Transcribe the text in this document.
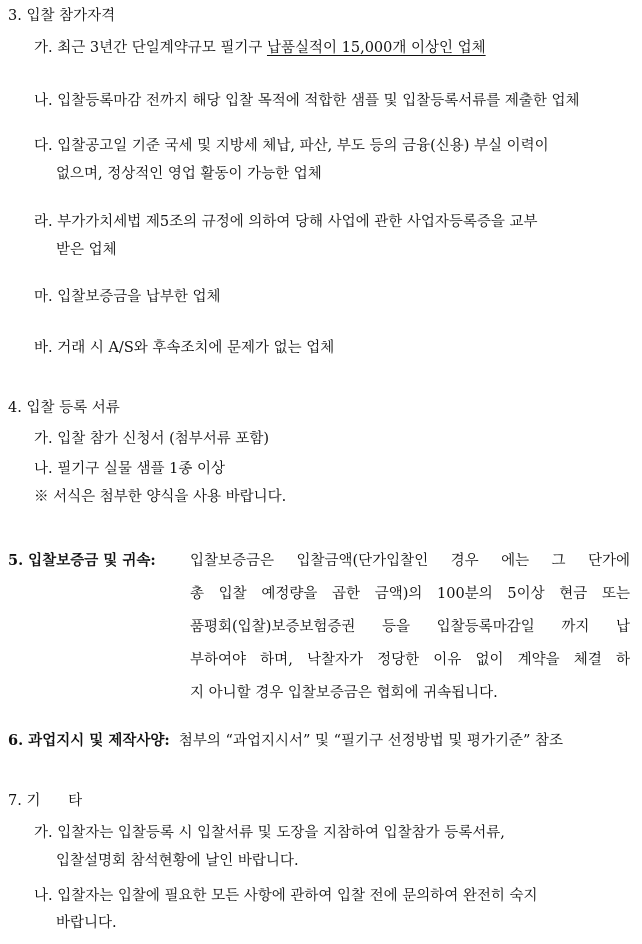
3. 입찰 참가자격
가. 최근 3년간 단일계약규모 필기구 납품실적이 15,000개 이상인 업체
나. 입찰등록마감 전까지 해당 입찰 목적에 적합한 샘플 및 입찰등록서류를 제출한 업체
다. 입찰공고일 기준 국세 및 지방세 체납, 파산, 부도 등의 금융(신용) 부실 이력이
없으며, 정상적인 영업 활동이 가능한 업체
라. 부가가치세법 제5조의 규정에 의하여 당해 사업에 관한 사업자등록증을 교부
받은 업체
마. 입찰보증금을 납부한 업체
바. 거래 시 A/S와 후속조치에 문제가 없는 업체
4. 입찰 등록 서류
가. 입찰 참가 신청서 (첨부서류 포함)
나. 필기구 실물 샘플 1종 이상
※ 서식은 첨부한 양식을 사용 바랍니다.
5. 입찰보증금 및 귀속: 입찰보증금은 입찰금액(단가입찰인 경우 에는 그 단가에
총 입찰 예정량을 곱한 금액)의 100분의 5이상 현금 또는
품평회(입찰)보증보험증권 등을 입찰등록마감일 까지 납
부하여야 하며, 낙찰자가 정당한 이유 없이 계약을 체결 하
지 아니할 경우 입찰보증금은 협회에 귀속됩니다.
6. 과업지시 및 제작사양: 첨부의 “과업지시서” 및 “필기구 선정방법 및 평가기준” 참조
7. 기      타
가. 입찰자는 입찰등록 시 입찰서류 및 도장을 지참하여 입찰참가 등록서류,
입찰설명회 참석현황에 날인 바랍니다.
나. 입찰자는 입찰에 필요한 모든 사항에 관하여 입찰 전에 문의하여 완전히 숙지
바랍니다.
